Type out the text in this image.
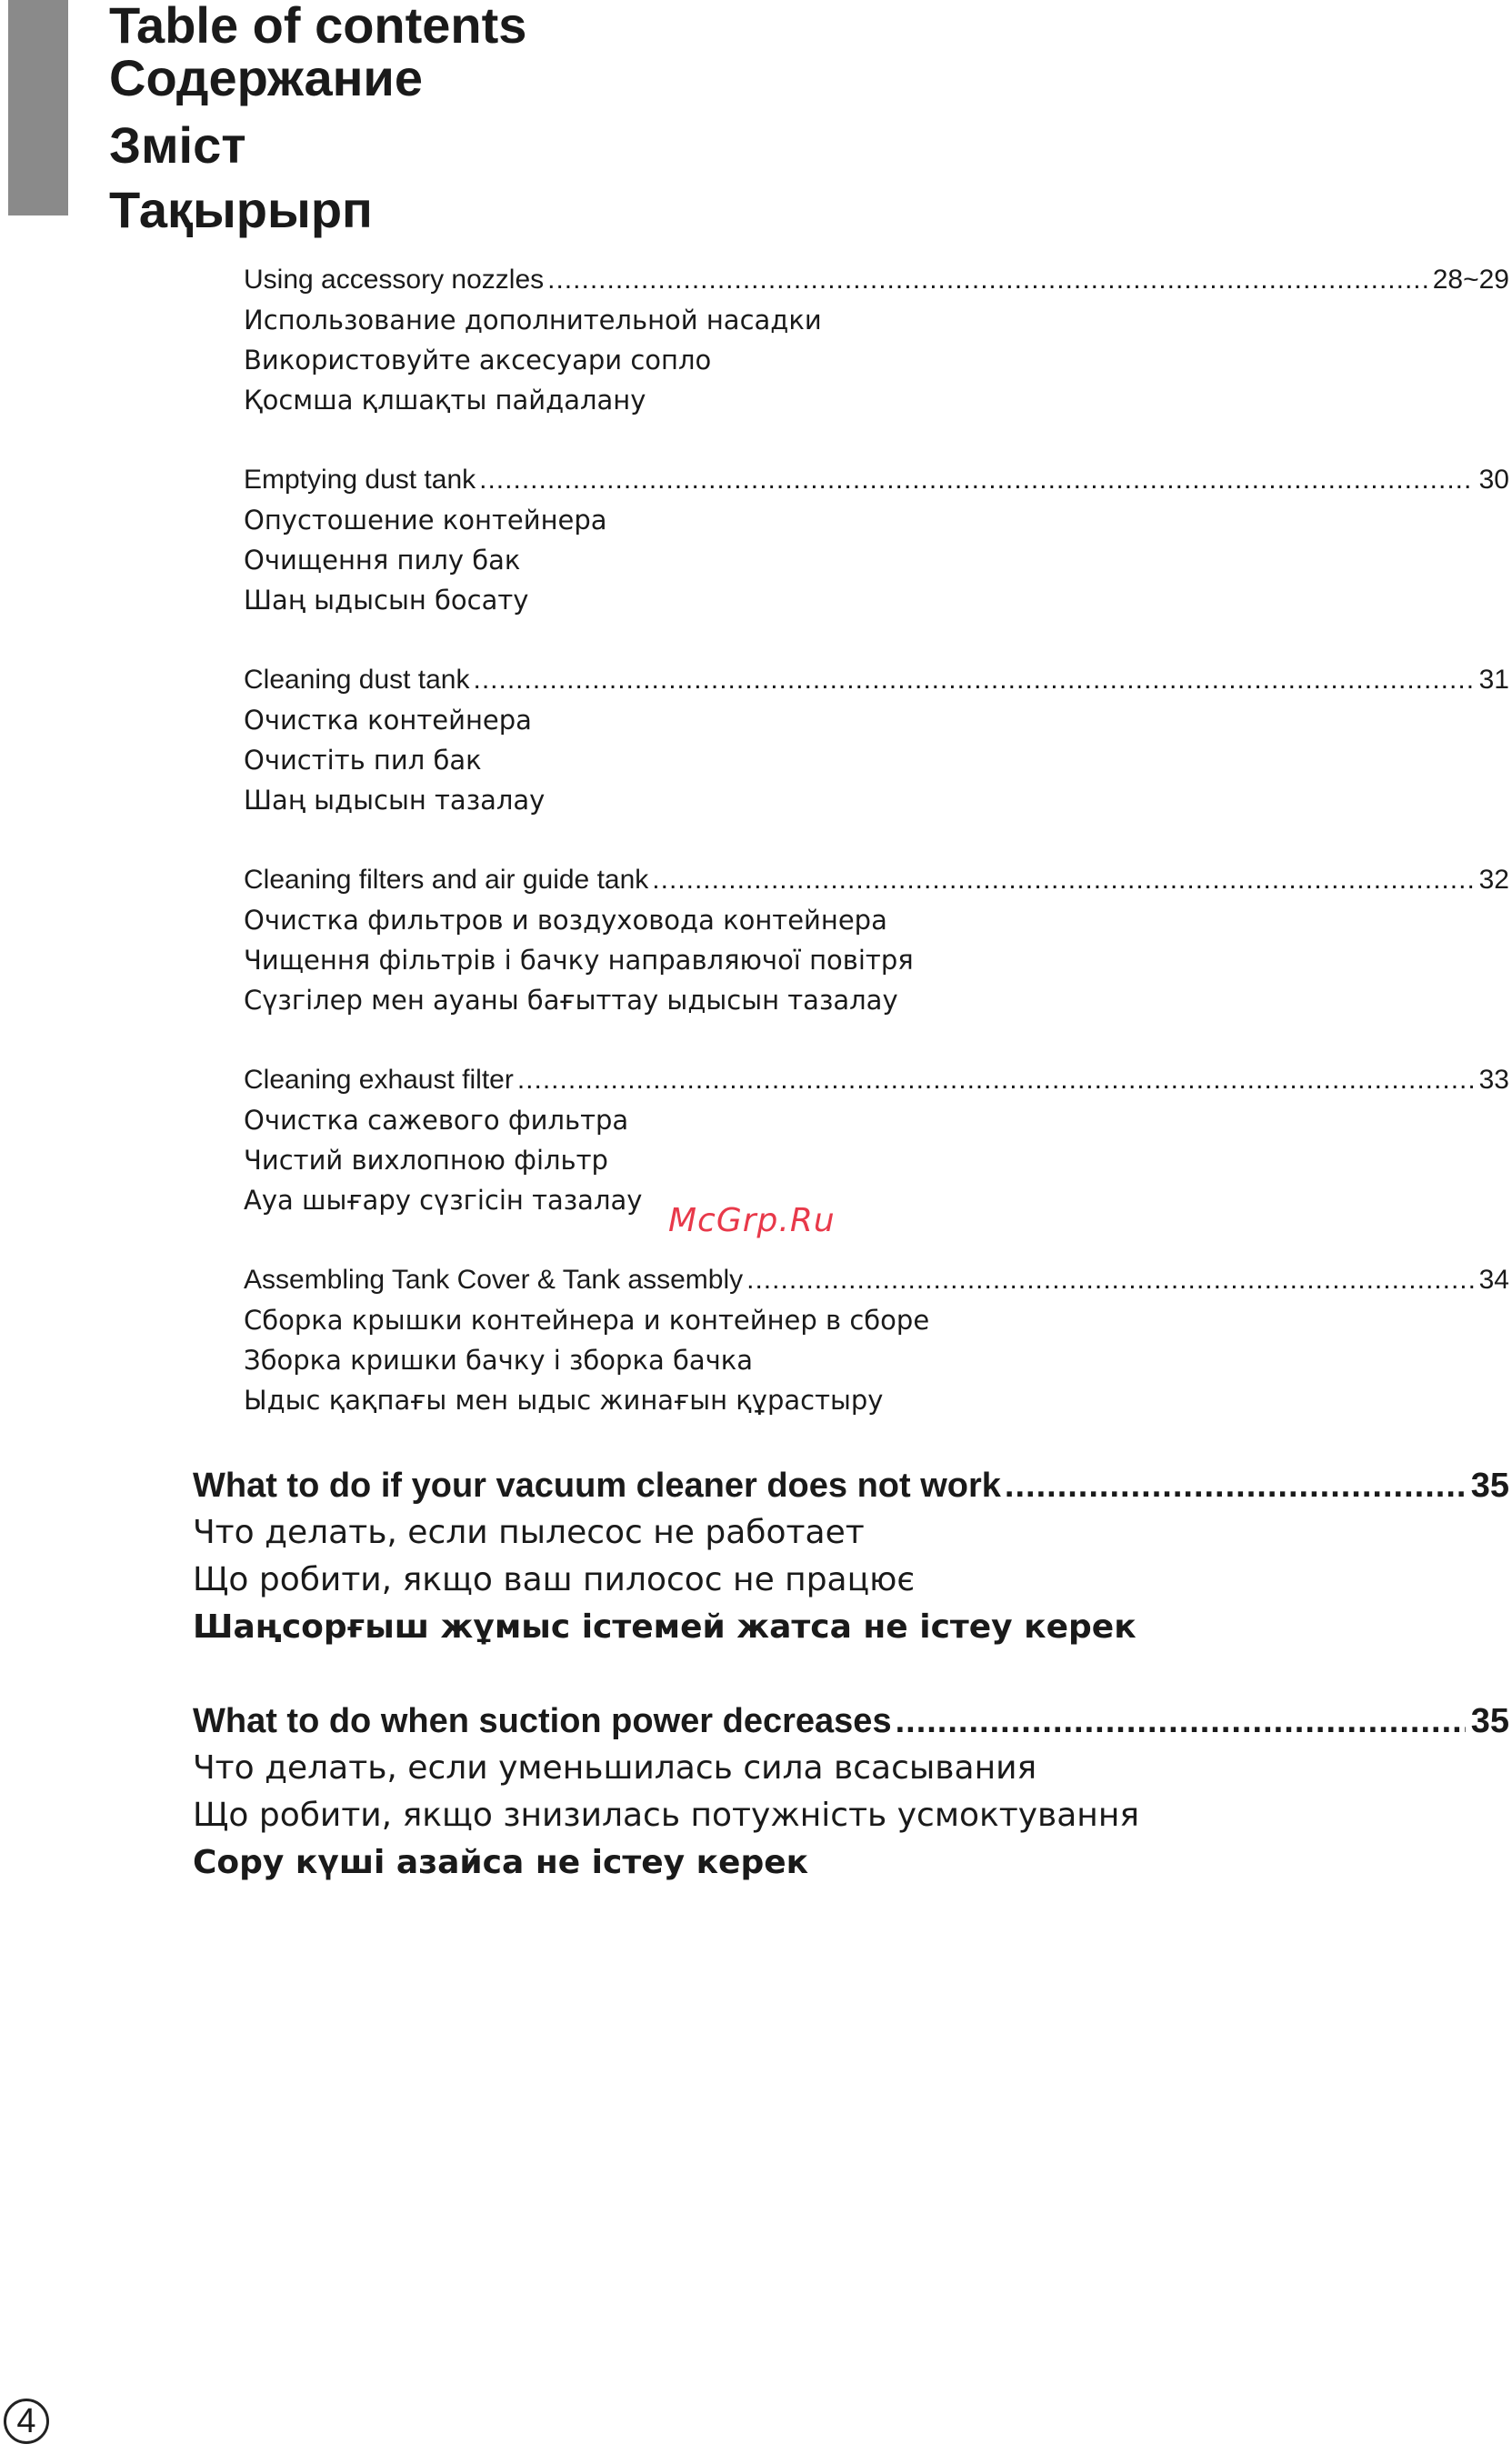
Table of contents
Содержание
Зміст
Тақырырп
Using accessory nozzles .....	28~29
Использование дополнительной насадки
Використовуйте аксесуари сопло
Қосмша қлшақты пайдалану
Emptying dust tank .....	30
Опустошение контейнера
Очищення пилу бак
Шаң ыдысын босату
Cleaning dust tank .....	31
Очистка контейнера
Очистіть пил бак
Шаң ыдысын тазалау
Cleaning filters and air guide tank .....	32
Очистка фильтров и воздуховода контейнера
Чищення фільтрів і бачку направляючої повітря
Сүзгілер мен ауаны бағыттау ыдысын тазалау
Cleaning exhaust filter .....	33
Очистка сажевого фильтра
Чистий вихлопною фільтр
Ауа шығару сүзгісін тазалау
Assembling Tank Cover & Tank assembly .....	34
Сборка крышки контейнера и контейнер в сборе
Зборка кришки бачку і зборка бачка
Ыдыс қақпағы мен ыдыс жинағын құрастыру
What to do if your vacuum cleaner does not work .....	35
Что делать, если пылесос не работает
Що робити, якщо ваш пилосос не працює
Шаңсорғыш жұмыс істемей жатса не істеу керек
What to do when suction power decreases .....	35
Что делать, если уменьшилась сила всасывания
Що робити, якщо знизилась потужність усмоктування
Сору күші азайса не істеу керек
McGrp.Ru
4
